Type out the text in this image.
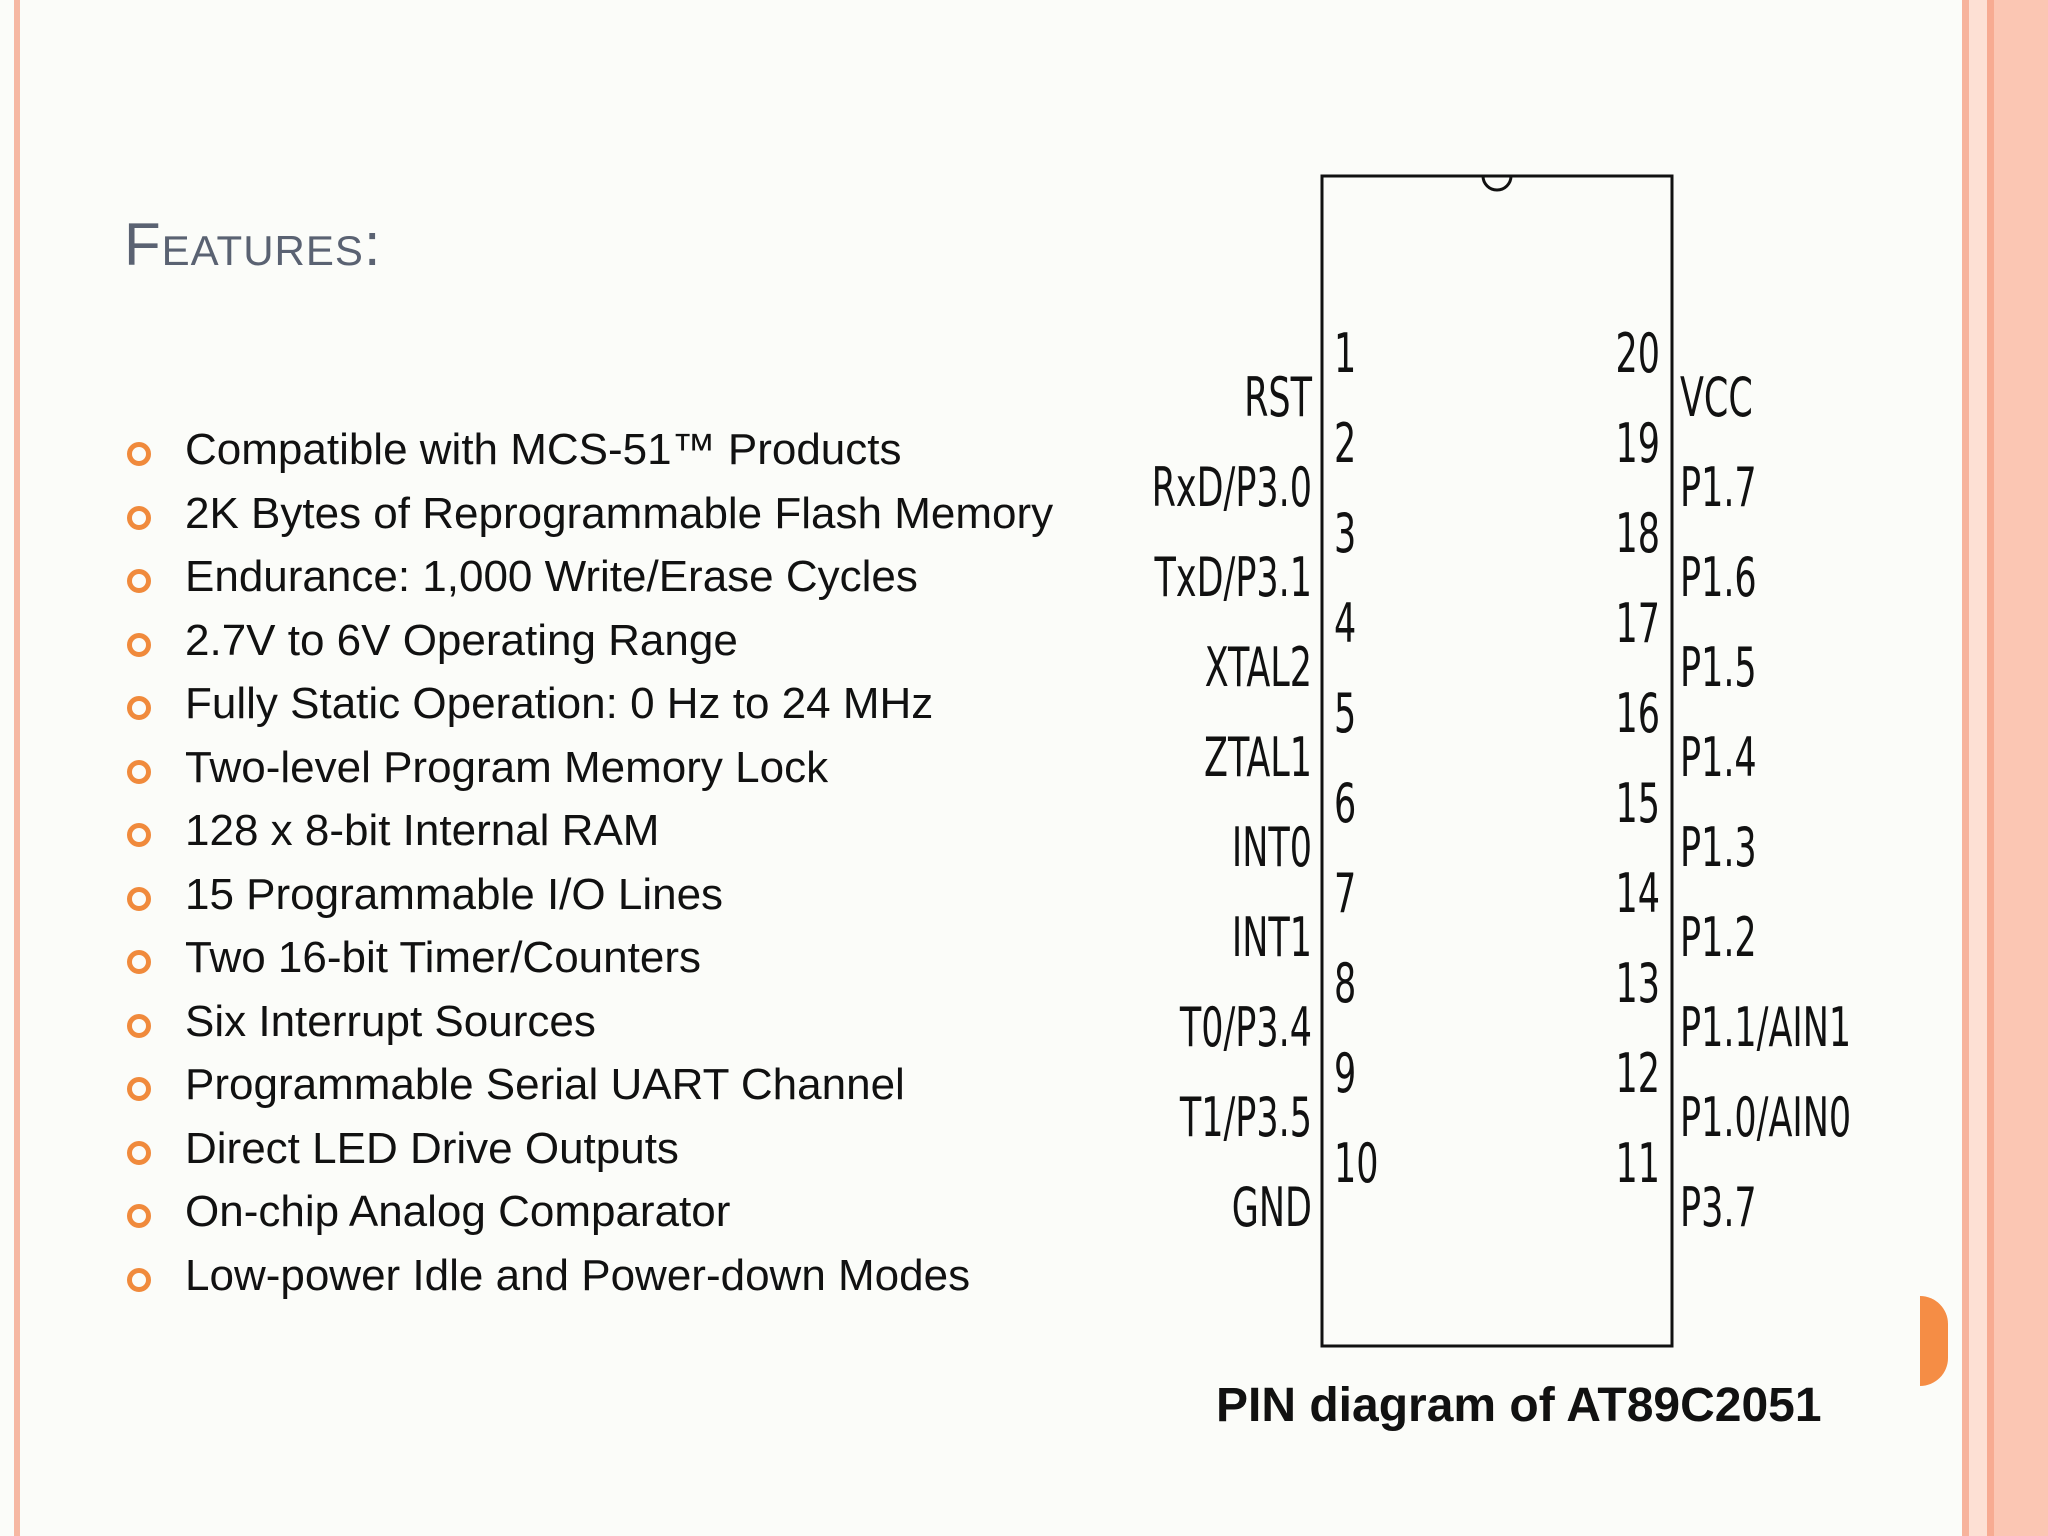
Features:
Compatible with MCS-51™ Products
2K Bytes of Reprogrammable Flash Memory
Endurance: 1,000 Write/Erase Cycles
2.7V to 6V Operating Range
Fully Static Operation: 0 Hz to 24 MHz
Two-level Program Memory Lock
128 x 8-bit Internal RAM
15 Programmable I/O Lines
Two 16-bit Timer/Counters
Six Interrupt Sources
Programmable Serial UART Channel
Direct LED Drive Outputs
On-chip Analog Comparator
Low-power Idle and Power-down Modes
1
RST
2
RxD/P3.0
3
TxD/P3.1
4
XTAL2
5
ZTAL1
6
INT0
7
INT1
8
T0/P3.4
9
T1/P3.5
10
GND
20
VCC
19
P1.7
18
P1.6
17
P1.5
16
P1.4
15
P1.3
14
P1.2
13
P1.1/AIN1
12
P1.0/AIN0
11
P3.7
PIN diagram of AT89C2051
